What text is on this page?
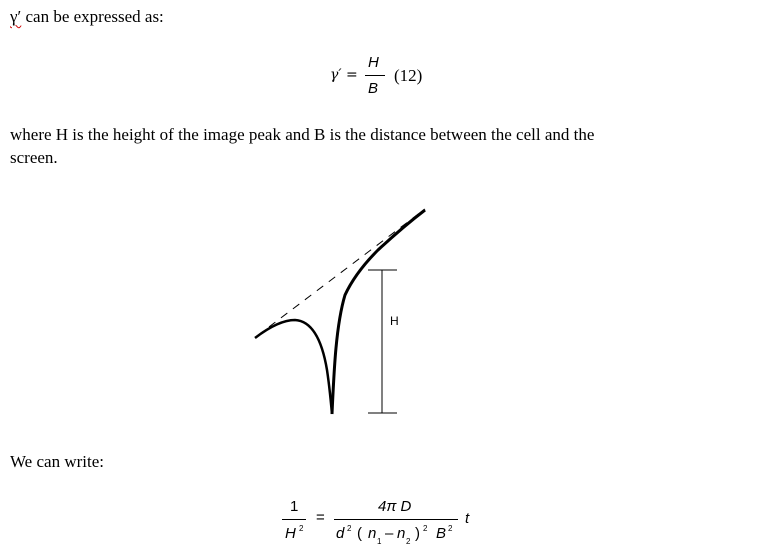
γ′ can be expressed as:
γ′ =
H
B
(12)
where H is the height of the image peak and B is the distance between the cell and the
screen.
H
We can write:
1
H 2
=
4π D
d 2 ( n 1 – n 2 ) 2 B 2
t
